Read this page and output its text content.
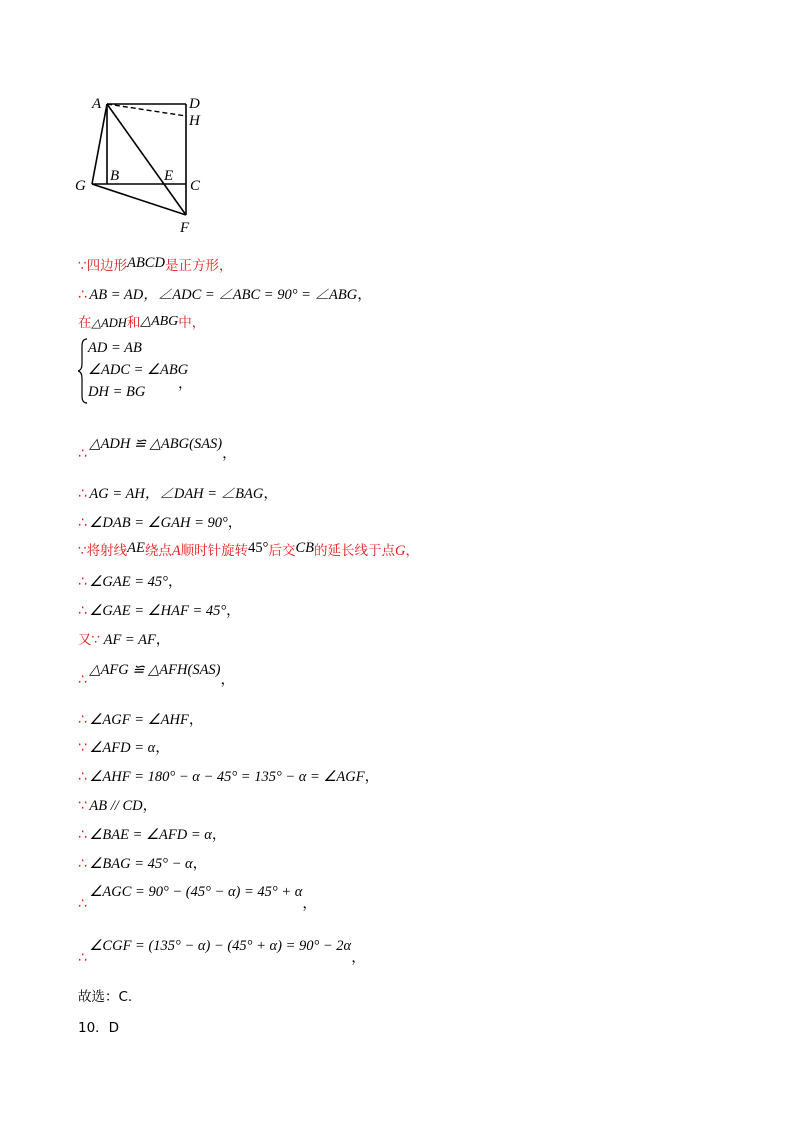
A	D
H
G
B	E
C
F
∵四边形ABCD是正方形，
∴ AB = AD，∠ADC = ∠ABC = 90° = ∠ABG，
在△ADH和△ABG中，
AD = AB
∠ADC = ∠ABG
DH = BG ，
∴ △ADH ≌ △ABG(SAS)，
∴ AG = AH，∠DAH = ∠BAG，
∴ ∠DAB = ∠GAH = 90°，
∵将射线AE绕点A顺时针旋转45°后交CB的延长线于点G，
∴ ∠GAE = 45°，
∴ ∠GAE = ∠HAF = 45°，
又∵ AF = AF，
∴ △AFG ≌ △AFH(SAS)，
∴ ∠AGF = ∠AHF，
∵ ∠AFD = α，
∴ ∠AHF = 180° − α − 45° = 135° − α = ∠AGF，
∵ AB // CD，
∴ ∠BAE = ∠AFD = α，
∴ ∠BAG = 45° − α，
∴ ∠AGC = 90° − (45° − α) = 45° + α，
∴ ∠CGF = (135° − α) − (45° + α) = 90° − 2α，
故选：C.
10．D
